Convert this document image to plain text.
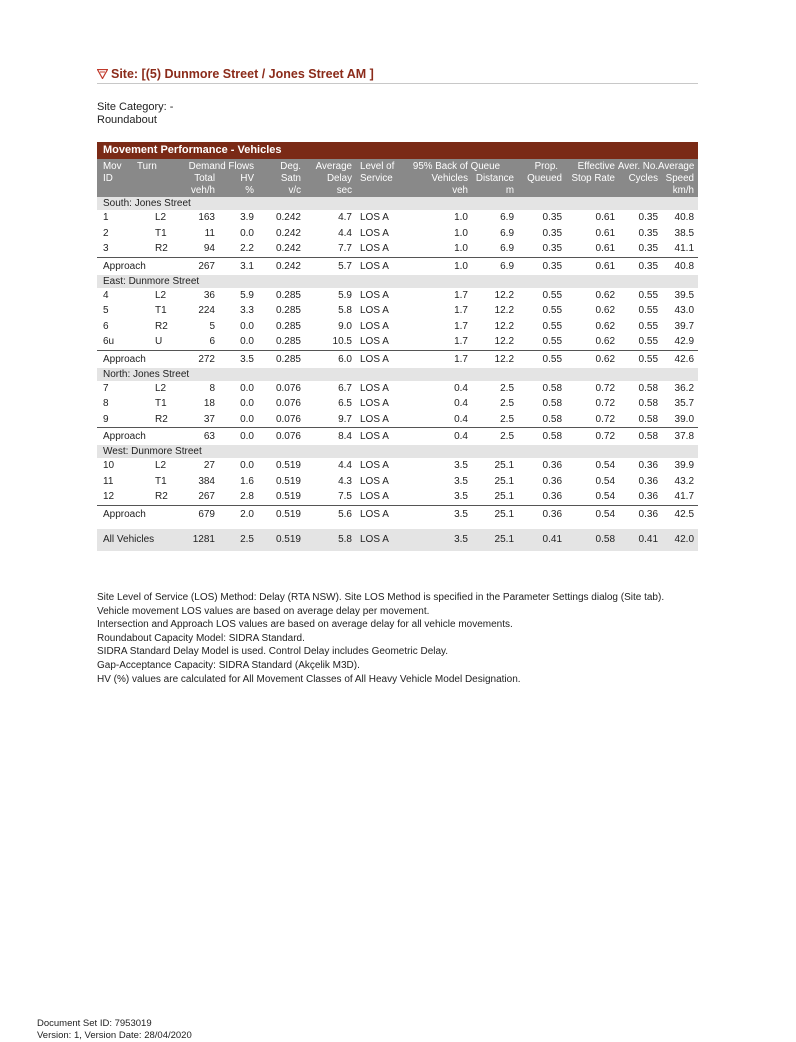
Site: [(5) Dunmore Street / Jones Street AM ]
Site Category: -
Roundabout
Movement Performance - Vehicles
Mov	Turn	Demand Flows		Deg.	Average	Level of	95% Back of Queue		Prop.	Effective	Aver. No.	Average
ID		Total	HV	Satn	Delay	Service	Vehicles	Distance	Queued	Stop Rate	Cycles	Speed
		veh/h	%	v/c	sec		veh	m				km/h
South: Jones Street												
1	L2	163	3.9	0.242	4.7	LOS A	1.0	6.9	0.35	0.61	0.35	40.8
2	T1	11	0.0	0.242	4.4	LOS A	1.0	6.9	0.35	0.61	0.35	38.5
3	R2	94	2.2	0.242	7.7	LOS A	1.0	6.9	0.35	0.61	0.35	41.1
Approach		267	3.1	0.242	5.7	LOS A	1.0	6.9	0.35	0.61	0.35	40.8
East: Dunmore Street												
4	L2	36	5.9	0.285	5.9	LOS A	1.7	12.2	0.55	0.62	0.55	39.5
5	T1	224	3.3	0.285	5.8	LOS A	1.7	12.2	0.55	0.62	0.55	43.0
6	R2	5	0.0	0.285	9.0	LOS A	1.7	12.2	0.55	0.62	0.55	39.7
6u	U	6	0.0	0.285	10.5	LOS A	1.7	12.2	0.55	0.62	0.55	42.9
Approach		272	3.5	0.285	6.0	LOS A	1.7	12.2	0.55	0.62	0.55	42.6
North: Jones Street												
7	L2	8	0.0	0.076	6.7	LOS A	0.4	2.5	0.58	0.72	0.58	36.2
8	T1	18	0.0	0.076	6.5	LOS A	0.4	2.5	0.58	0.72	0.58	35.7
9	R2	37	0.0	0.076	9.7	LOS A	0.4	2.5	0.58	0.72	0.58	39.0
Approach		63	0.0	0.076	8.4	LOS A	0.4	2.5	0.58	0.72	0.58	37.8
West: Dunmore Street												
10	L2	27	0.0	0.519	4.4	LOS A	3.5	25.1	0.36	0.54	0.36	39.9
11	T1	384	1.6	0.519	4.3	LOS A	3.5	25.1	0.36	0.54	0.36	43.2
12	R2	267	2.8	0.519	7.5	LOS A	3.5	25.1	0.36	0.54	0.36	41.7
Approach		679	2.0	0.519	5.6	LOS A	3.5	25.1	0.36	0.54	0.36	42.5

All Vehicles		1281	2.5	0.519	5.8	LOS A	3.5	25.1	0.41	0.58	0.41	42.0
Site Level of Service (LOS) Method: Delay (RTA NSW). Site LOS Method is specified in the Parameter Settings dialog (Site tab).
Vehicle movement LOS values are based on average delay per movement.
Intersection and Approach LOS values are based on average delay for all vehicle movements.
Roundabout Capacity Model: SIDRA Standard.
SIDRA Standard Delay Model is used. Control Delay includes Geometric Delay.
Gap-Acceptance Capacity: SIDRA Standard (Akçelik M3D).
HV (%) values are calculated for All Movement Classes of All Heavy Vehicle Model Designation.
Document Set ID: 7953019
Version: 1, Version Date: 28/04/2020
